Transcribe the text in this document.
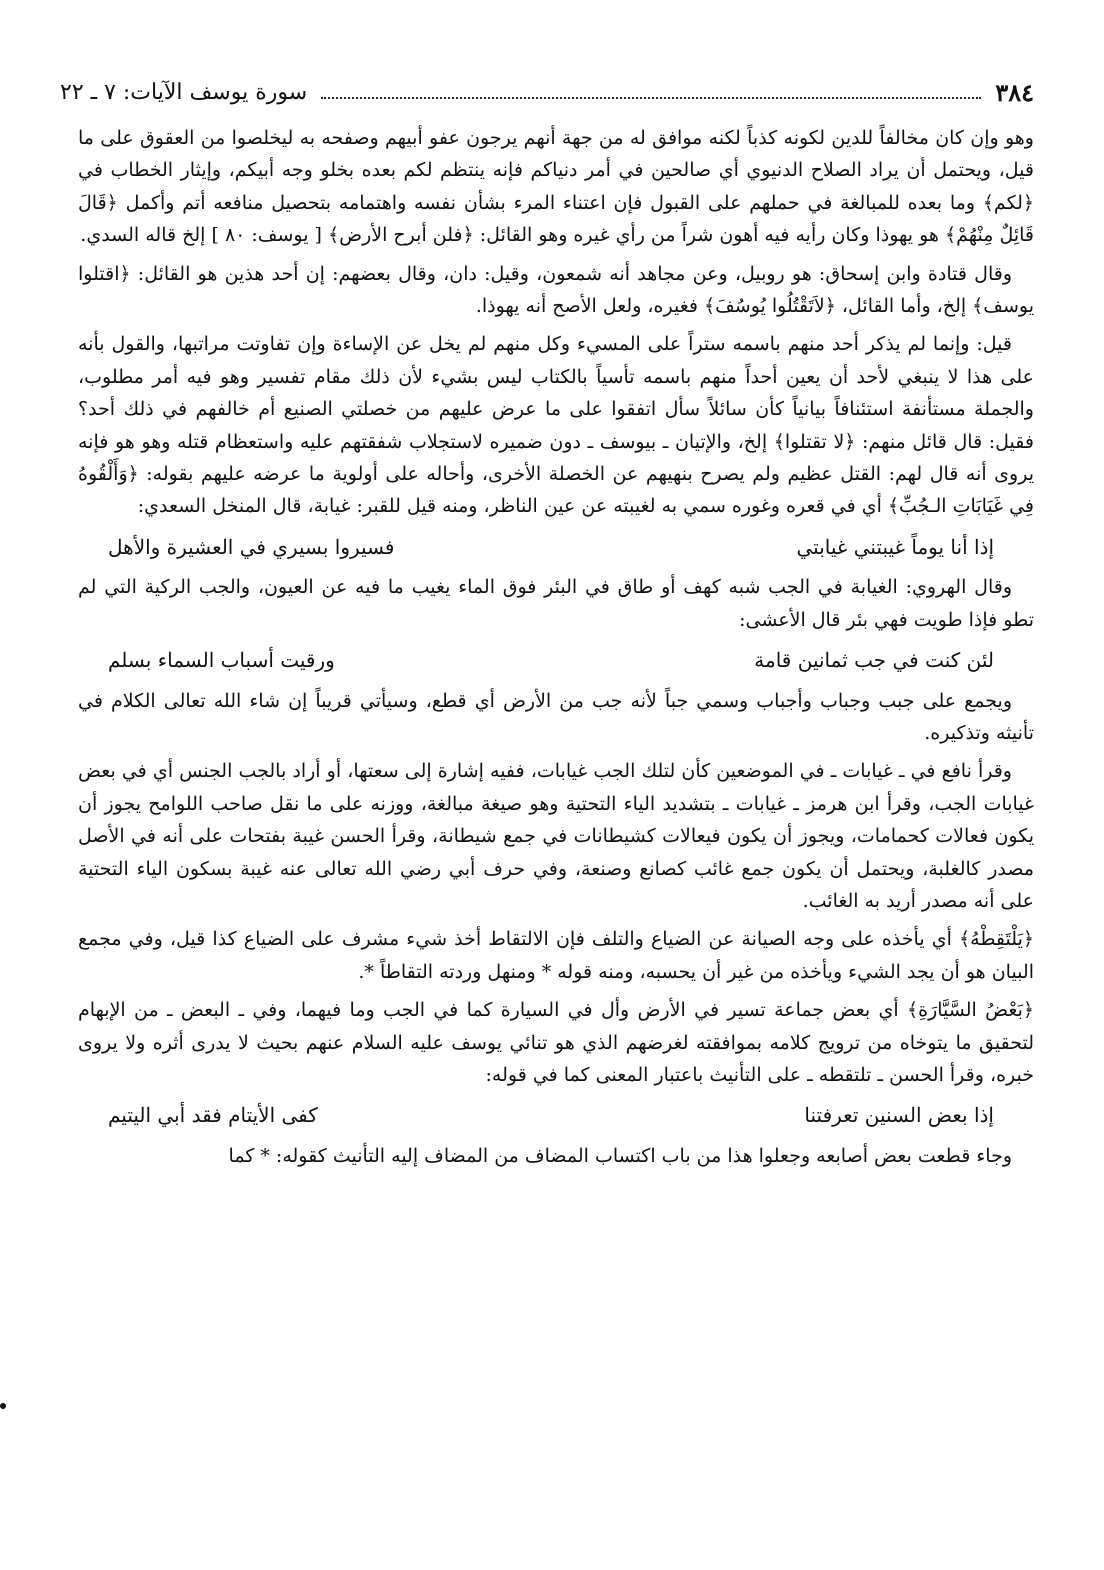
٣٨٤
سورة يوسف الآيات: ٧ ـ ٢٢

وهو وإن كان مخالفاً للدين لكونه كذباً لكنه موافق له من جهة أنهم يرجون عفو أبيهم وصفحه به ليخلصوا من العقوق على ما قيل، ويحتمل أن يراد الصلاح الدنيوي أي صالحين في أمر دنياكم فإنه ينتظم لكم بعده بخلو وجه أبيكم، وإيثار الخطاب في ﴿لكم﴾ وما بعده للمبالغة في حملهم على القبول فإن اعتناء المرء بشأن نفسه واهتمامه بتحصيل منافعه أتم وأكمل ﴿قَالَ قَائِلٌ مِنْهُمْ﴾ هو يهوذا وكان رأيه فيه أهون شراً من رأي غيره وهو القائل: ﴿فلن أبرح الأرض﴾ [ يوسف: ٨٠ ] إلخ قاله السدي.

وقال قتادة وابن إسحاق: هو روبيل، وعن مجاهد أنه شمعون، وقيل: دان، وقال بعضهم: إن أحد هذين هو القائل: ﴿اقتلوا يوسف﴾ إلخ، وأما القائل، ﴿لاَتَقْتُلُوا يُوسُفَ﴾ فغيره، ولعل الأصح أنه يهوذا.

قيل: وإنما لم يذكر أحد منهم باسمه ستراً على المسيء وكل منهم لم يخل عن الإساءة وإن تفاوتت مراتبها، والقول بأنه على هذا لا ينبغي لأحد أن يعين أحداً منهم باسمه تأسياً بالكتاب ليس بشيء لأن ذلك مقام تفسير وهو فيه أمر مطلوب، والجملة مستأنفة استئنافاً بيانياً كأن سائلاً سأل اتفقوا على ما عرض عليهم من خصلتي الصنيع أم خالفهم في ذلك أحد؟ فقيل: قال قائل منهم: ﴿لا تقتلوا﴾ إلخ، والإتيان ـ بيوسف ـ دون ضميره لاستجلاب شفقتهم عليه واستعظام قتله وهو هو فإنه يروى أنه قال لهم: القتل عظيم ولم يصرح بنهيهم عن الخصلة الأخرى، وأحاله على أولوية ما عرضه عليهم بقوله: ﴿وَأَلْقُوهُ فِي غَيَابَاتِ الـجُبِّ﴾ أي في قعره وغوره سمي به لغيبته عن عين الناظر، ومنه قيل للقبر: غيابة، قال المنخل السعدي:

إذا أنا يوماً غيبتني غيابتي
فسيروا بسيري في العشيرة والأهل

وقال الهروي: الغيابة في الجب شبه كهف أو طاق في البئر فوق الماء يغيب ما فيه عن العيون، والجب الركية التي لم تطو فإذا طويت فهي بئر قال الأعشى:

لئن كنت في جب ثمانين قامة
ورقيت أسباب السماء بسلم

ويجمع على جبب وجباب وأجباب وسمي جباً لأنه جب من الأرض أي قطع، وسيأتي قريباً إن شاء الله تعالى الكلام في تأنيثه وتذكيره.

وقرأ نافع في ـ غيابات ـ في الموضعين كأن لتلك الجب غيابات، ففيه إشارة إلى سعتها، أو أراد بالجب الجنس أي في بعض غيابات الجب، وقرأ ابن هرمز ـ غيابات ـ بتشديد الياء التحتية وهو صيغة مبالغة، ووزنه على ما نقل صاحب اللوامح يجوز أن يكون فعالات كحمامات، ويجوز أن يكون فيعالات كشيطانات في جمع شيطانة، وقرأ الحسن غيبة بفتحات على أنه في الأصل مصدر كالغلبة، ويحتمل أن يكون جمع غائب كصانع وصنعة، وفي حرف أبي رضي الله تعالى عنه غيبة بسكون الياء التحتية على أنه مصدر أريد به الغائب.

﴿يَلْتَقِطْهُ﴾ أي يأخذه على وجه الصيانة عن الضياع والتلف فإن الالتقاط أخذ شيء مشرف على الضياع كذا قيل، وفي مجمع البيان هو أن يجد الشيء ويأخذه من غير أن يحسبه، ومنه قوله * ومنهل وردته التقاطاً *.

﴿بَعْضُ السَّيَّارَةِ﴾ أي بعض جماعة تسير في الأرض وأل في السيارة كما في الجب وما فيهما، وفي ـ البعض ـ من الإبهام لتحقيق ما يتوخاه من ترويج كلامه بموافقته لغرضهم الذي هو تنائي يوسف عليه السلام عنهم بحيث لا يدرى أثره ولا يروى خبره، وقرأ الحسن ـ تلتقطه ـ على التأنيث باعتبار المعنى كما في قوله:

إذا بعض السنين تعرفتنا
كفى الأيتام فقد أبي اليتيم

وجاء قطعت بعض أصابعه وجعلوا هذا من باب اكتساب المضاف من المضاف إليه التأنيث كقوله: * كما
